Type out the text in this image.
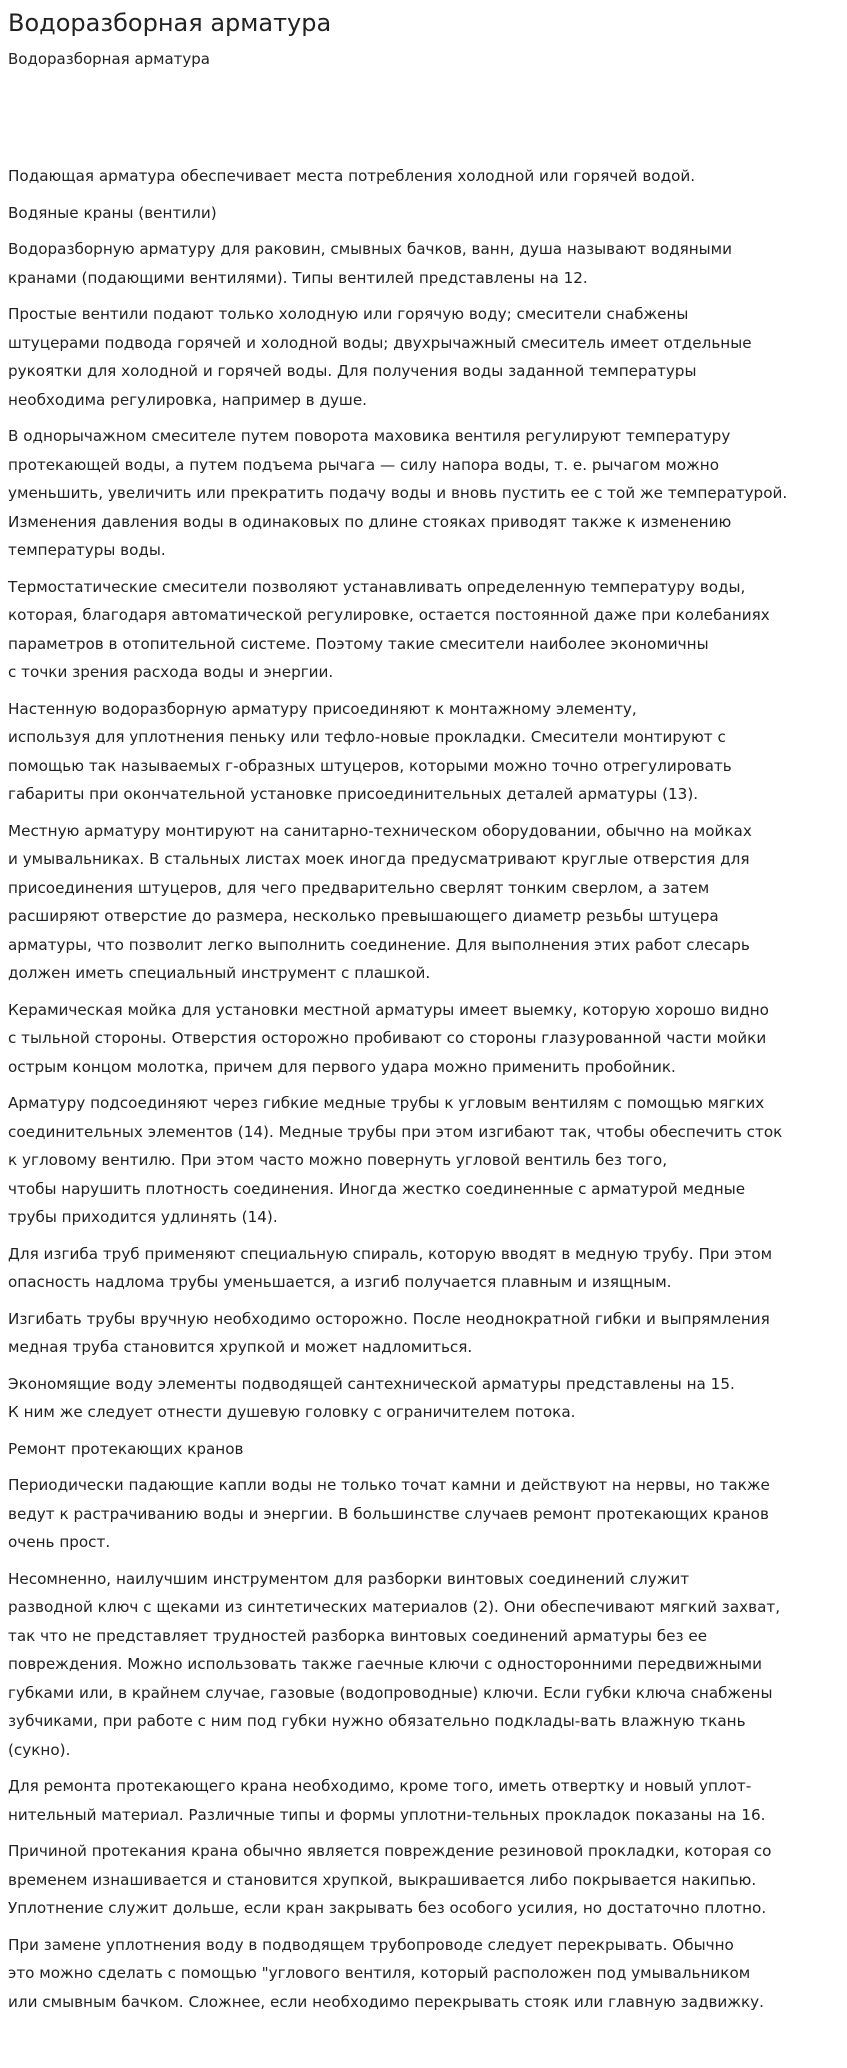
Водоразборная арматура
Водоразборная арматура

Подающая арматура обеспечивает места потребления холодной или горячей водой.

Водяные краны (вентили)

Водоразборную арматуру для раковин, смывных бачков, ванн, душа называют водяными
кранами (подающими вентилями). Типы вентилей представлены на 12.

Простые вентили подают только холодную или горячую воду; смесители снабжены
штуцерами подвода горячей и холодной воды; двухрычажный смеситель имеет отдельные
рукоятки для холодной и горячей воды. Для получения воды заданной температуры
необходима регулировка, например в душе.

В однорычажном смесителе путем поворота маховика вентиля регулируют температуру
протекающей воды, а путем подъема рычага — силу напора воды, т. е. рычагом можно
уменьшить, увеличить или прекратить подачу воды и вновь пустить ее с той же температурой.
Изменения давления воды в одинаковых по длине стояках приводят также к изменению
температуры воды.

Термостатические смесители позволяют устанавливать определенную температуру воды,
которая, благодаря автоматической регулировке, остается постоянной даже при колебаниях
параметров в отопительной системе. Поэтому такие смесители наиболее экономичны
с точки зрения расхода воды и энергии.

Настенную водоразборную арматуру присоединяют к монтажному элементу,
используя для уплотнения пеньку или тефло-новые прокладки. Смесители монтируют с
помощью так называемых г-образных штуцеров, которыми можно точно отрегулировать
габариты при окончательной установке присоединительных деталей арматуры (13).

Местную арматуру монтируют на санитарно-техническом оборудовании, обычно на мойках
и умывальниках. В стальных листах моек иногда предусматривают круглые отверстия для
присоединения штуцеров, для чего предварительно сверлят тонким сверлом, а затем
расширяют отверстие до размера, несколько превышающего диаметр резьбы штуцера
арматуры, что позволит легко выполнить соединение. Для выполнения этих работ слесарь
должен иметь специальный инструмент с плашкой.

Керамическая мойка для установки местной арматуры имеет выемку, которую хорошо видно
с тыльной стороны. Отверстия осторожно пробивают со стороны глазурованной части мойки
острым концом молотка, причем для первого удара можно применить пробойник.

Арматуру подсоединяют через гибкие медные трубы к угловым вентилям с помощью мягких
соединительных элементов (14). Медные трубы при этом изгибают так, чтобы обеспечить сток
к угловому вентилю. При этом часто можно повернуть угловой вентиль без того,
чтобы нарушить плотность соединения. Иногда жестко соединенные с арматурой медные
трубы приходится удлинять (14).

Для изгиба труб применяют специальную спираль, которую вводят в медную трубу. При этом
опасность надлома трубы уменьшается, а изгиб получается плавным и изящным.

Изгибать трубы вручную необходимо осторожно. После неоднократной гибки и выпрямления
медная труба становится хрупкой и может надломиться.

Экономящие воду элементы подводящей сантехнической арматуры представлены на 15.
К ним же следует отнести душевую головку с ограничителем потока.

Ремонт протекающих кранов

Периодически падающие капли воды не только точат камни и действуют на нервы, но также
ведут к растрачиванию воды и энергии. В большинстве случаев ремонт протекающих кранов
очень прост.

Несомненно, наилучшим инструментом для разборки винтовых соединений служит
разводной ключ с щеками из синтетических материалов (2). Они обеспечивают мягкий захват,
так что не представляет трудностей разборка винтовых соединений арматуры без ее
повреждения. Можно использовать также гаечные ключи с односторонними передвижными
губками или, в крайнем случае, газовые (водопроводные) ключи. Если губки ключа снабжены
зубчиками, при работе с ним под губки нужно обязательно подклады-вать влажную ткань
(сукно).

Для ремонта протекающего крана необходимо, кроме того, иметь отвертку и новый уплот-
нительный материал. Различные типы и формы уплотни-тельных прокладок показаны на 16.

Причиной протекания крана обычно является повреждение резиновой прокладки, которая со
временем изнашивается и становится хрупкой, выкрашивается либо покрывается накипью.
Уплотнение служит дольше, если кран закрывать без особого усилия, но достаточно плотно.

При замене уплотнения воду в подводящем трубопроводе следует перекрывать. Обычно
это можно сделать с помощью "углового вентиля, который расположен под умывальником
или смывным бачком. Сложнее, если необходимо перекрывать стояк или главную задвижку.
